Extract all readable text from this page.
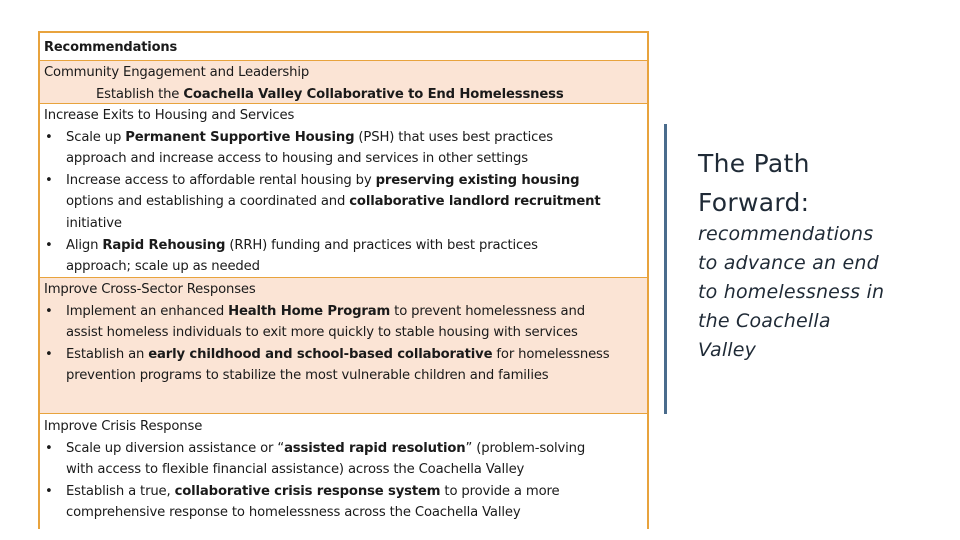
Recommendations
Community Engagement and Leadership
Establish the Coachella Valley Collaborative to End Homelessness
Increase Exits to Housing and Services
• Scale up Permanent Supportive Housing (PSH) that uses best practices
approach and increase access to housing and services in other settings
• Increase access to affordable rental housing by preserving existing housing
options and establishing a coordinated and collaborative landlord recruitment
initiative
• Align Rapid Rehousing (RRH) funding and practices with best practices
approach; scale up as needed
Improve Cross-Sector Responses
• Implement an enhanced Health Home Program to prevent homelessness and
assist homeless individuals to exit more quickly to stable housing with services
• Establish an early childhood and school-based collaborative for homelessness
prevention programs to stabilize the most vulnerable children and families
Improve Crisis Response
• Scale up diversion assistance or “assisted rapid resolution” (problem-solving
with access to flexible financial assistance) across the Coachella Valley
• Establish a true, collaborative crisis response system to provide a more
comprehensive response to homelessness across the Coachella Valley
The Path
Forward:
recommendations
to advance an end
to homelessness in
the Coachella
Valley
